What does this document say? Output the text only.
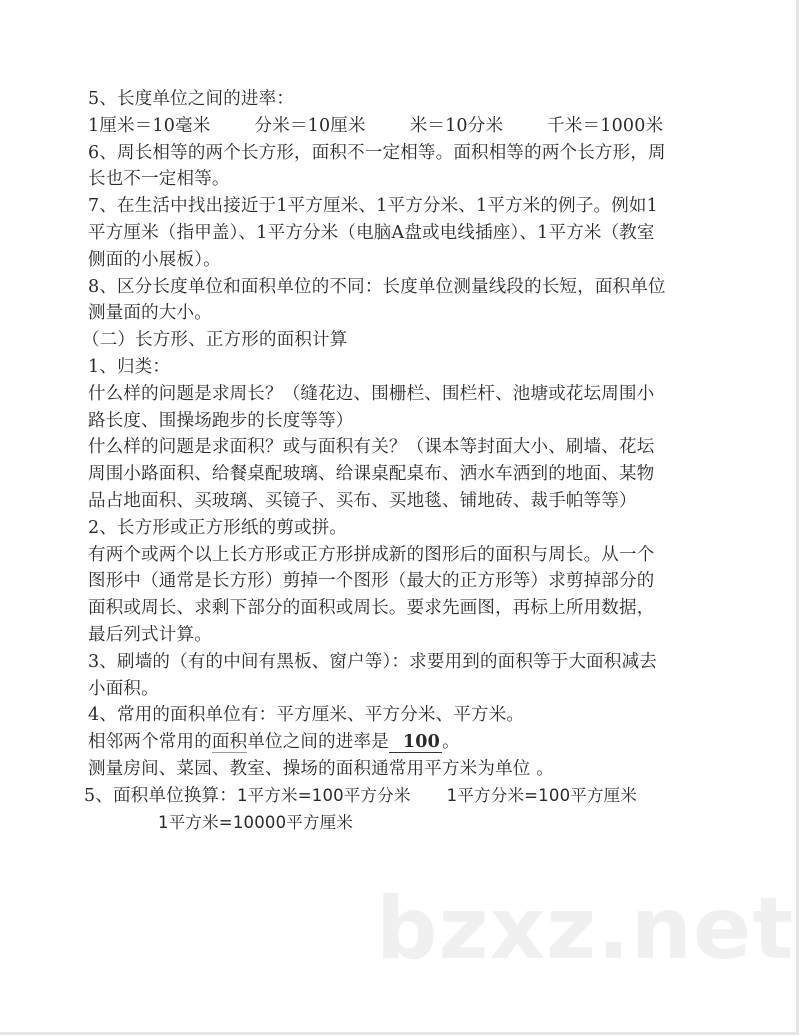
5、长度单位之间的进率：
1厘米＝10毫米	分米＝10厘米	米＝10分米	千米＝1000米
6、周长相等的两个长方形，面积不一定相等。面积相等的两个长方形，周
长也不一定相等。
7、在生活中找出接近于1平方厘米、1平方分米、1平方米的例子。例如1
平方厘米（指甲盖）、1平方分米（电脑A盘或电线插座）、1平方米（教室
侧面的小展板）。
8、区分长度单位和面积单位的不同：长度单位测量线段的长短，面积单位
测量面的大小。
（二）长方形、正方形的面积计算
1、归类：
什么样的问题是求周长？（缝花边、围栅栏、围栏杆、池塘或花坛周围小
路长度、围操场跑步的长度等等）
什么样的问题是求面积？或与面积有关？（课本等封面大小、刷墙、花坛
周围小路面积、给餐桌配玻璃、给课桌配桌布、洒水车洒到的地面、某物
品占地面积、买玻璃、买镜子、买布、买地毯、铺地砖、裁手帕等等）
2、长方形或正方形纸的剪或拼。
有两个或两个以上长方形或正方形拼成新的图形后的面积与周长。从一个
图形中（通常是长方形）剪掉一个图形（最大的正方形等）求剪掉部分的
面积或周长、求剩下部分的面积或周长。要求先画图，再标上所用数据，
最后列式计算。
3、刷墙的（有的中间有黑板、窗户等）：求要用到的面积等于大面积减去
小面积。
4、常用的面积单位有：平方厘米、平方分米、平方米。
相邻两个常用的面积单位之间的进率是 100 。
测量房间、菜园、教室、操场的面积通常用平方米为单位 。
5、面积单位换算：1平方米=100平方分米 1平方分米=100平方厘米
1平方米=10000平方厘米
bzxz.net
